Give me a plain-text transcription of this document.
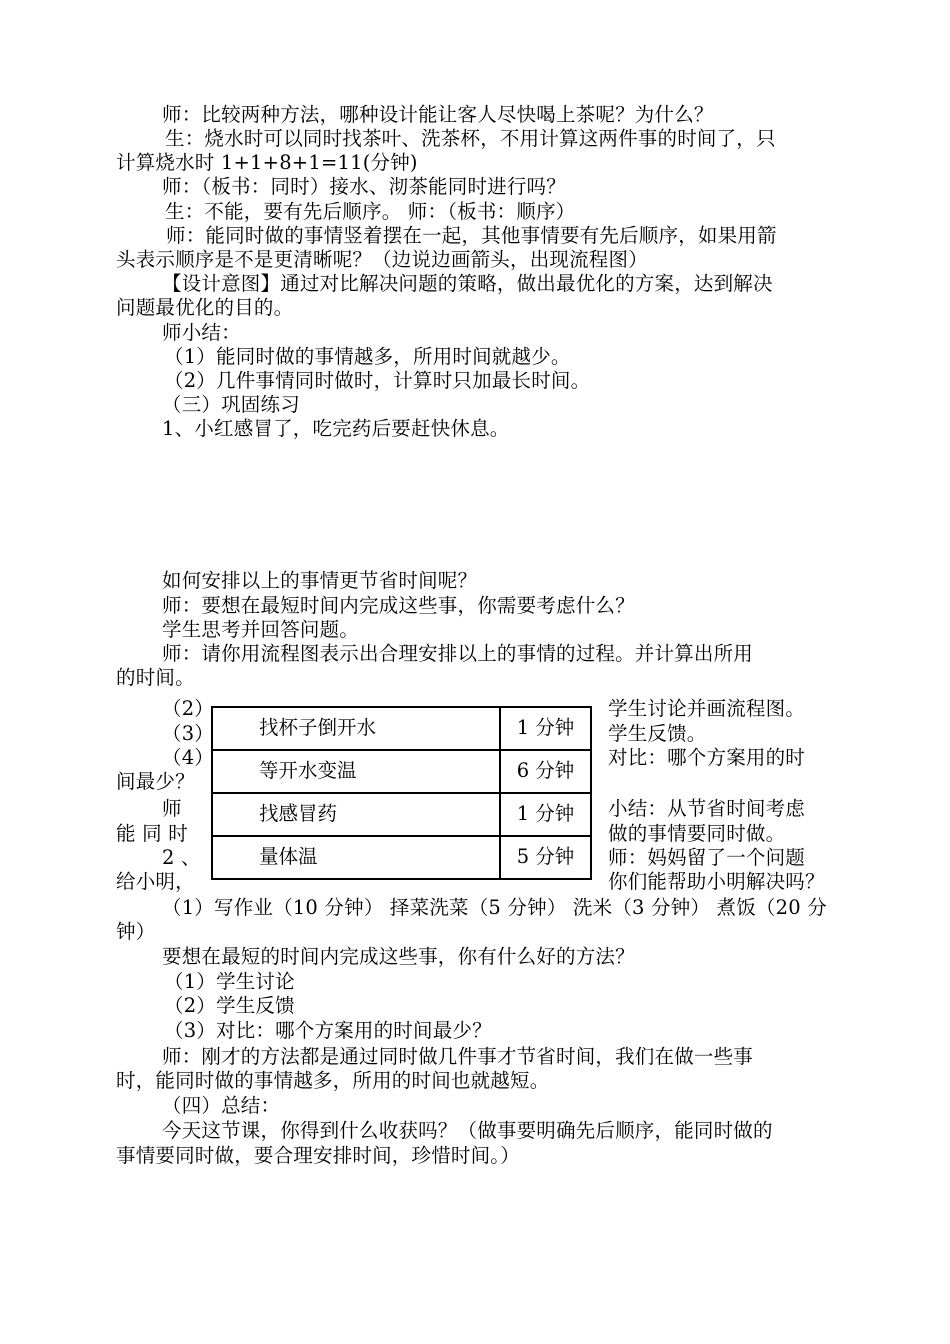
师：比较两种方法，哪种设计能让客人尽快喝上茶呢？为什么？
生：烧水时可以同时找茶叶、洗茶杯，不用计算这两件事的时间了，只
计算烧水时 1+1+8+1=11(分钟)
师：（板书：同时）接水、沏茶能同时进行吗？
生：不能，要有先后顺序。 师：（板书：顺序）
师：能同时做的事情竖着摆在一起，其他事情要有先后顺序，如果用箭
头表示顺序是不是更清晰呢？（边说边画箭头，出现流程图）
【设计意图】通过对比解决问题的策略，做出最优化的方案，达到解决
问题最优化的目的。
师小结：
（1）能同时做的事情越多，所用时间就越少。
（2）几件事情同时做时，计算时只加最长时间。
（三）巩固练习
1、小红感冒了，吃完药后要赶快休息。
如何安排以上的事情更节省时间呢？
师：要想在最短时间内完成这些事，你需要考虑什么？
学生思考并回答问题。
师：请你用流程图表示出合理安排以上的事情的过程。并计算出所用
的时间。
（2）
（3）
（4）
间最少？
师
能 同 时
2 、
给小明，
找杯子倒开水	1 分钟
等开水变温	6 分钟
找感冒药	1 分钟
量体温	5 分钟
学生讨论并画流程图。
学生反馈。
对比：哪个方案用的时
小结：从节省时间考虑
做的事情要同时做。
师：妈妈留了一个问题
你们能帮助小明解决吗？
（1）写作业（10 分钟） 择菜洗菜（5 分钟） 洗米（3 分钟） 煮饭（20 分
钟）
要想在最短的时间内完成这些事，你有什么好的方法？
（1）学生讨论
（2）学生反馈
（3）对比：哪个方案用的时间最少？
师：刚才的方法都是通过同时做几件事才节省时间，我们在做一些事
时，能同时做的事情越多，所用的时间也就越短。
（四）总结：
今天这节课，你得到什么收获吗？（做事要明确先后顺序，能同时做的
事情要同时做，要合理安排时间，珍惜时间。）
